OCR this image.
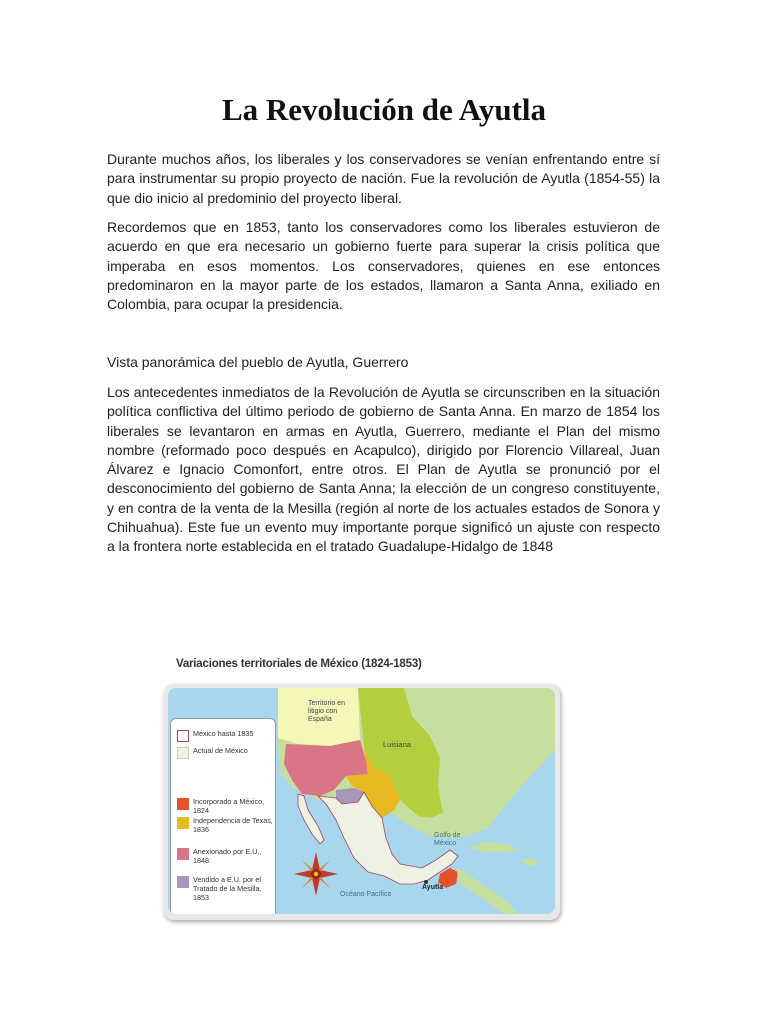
La Revolución de Ayutla

Durante muchos años, los liberales y los conservadores se venían enfrentando entre sí para instrumentar su propio proyecto de nación. Fue la revolución de Ayutla (1854-55) la que dio inicio al predominio del proyecto liberal.

Recordemos que en 1853, tanto los conservadores como los liberales estuvieron de acuerdo en que era necesario un gobierno fuerte para superar la crisis política que imperaba en esos momentos. Los conservadores, quienes en ese entonces predominaron en la mayor parte de los estados, llamaron a Santa Anna, exiliado en Colombia, para ocupar la presidencia.

Vista panorámica del pueblo de Ayutla, Guerrero

Los antecedentes inmediatos de la Revolución de Ayutla se circunscriben en la situación política conflictiva del último periodo de gobierno de Santa Anna. En marzo de 1854 los liberales se levantaron en armas en Ayutla, Guerrero, mediante el Plan del mismo nombre (reformado poco después en Acapulco), dirigido por Florencio Villareal, Juan Álvarez e Ignacio Comonfort, entre otros. El Plan de Ayutla se pronunció por el desconocimiento del gobierno de Santa Anna; la elección de un congreso constituyente, y en contra de la venta de la Mesilla (región al norte de los actuales estados de Sonora y Chihuahua). Este fue un evento muy importante porque significó un ajuste con respecto a la frontera norte establecida en el tratado Guadalupe-Hidalgo de 1848

Variaciones territoriales de México (1824-1853)

Territorio en litigio con España
Luisiana
Golfo de México
Océano Pacífico
Ayutla
México hasta 1835
Actual de México
Incorporado a México, 1824
Independencia de Texas, 1836
Anexionado por E.U., 1848
Vendido a E.U. por el Tratado de la Mesilla, 1853
